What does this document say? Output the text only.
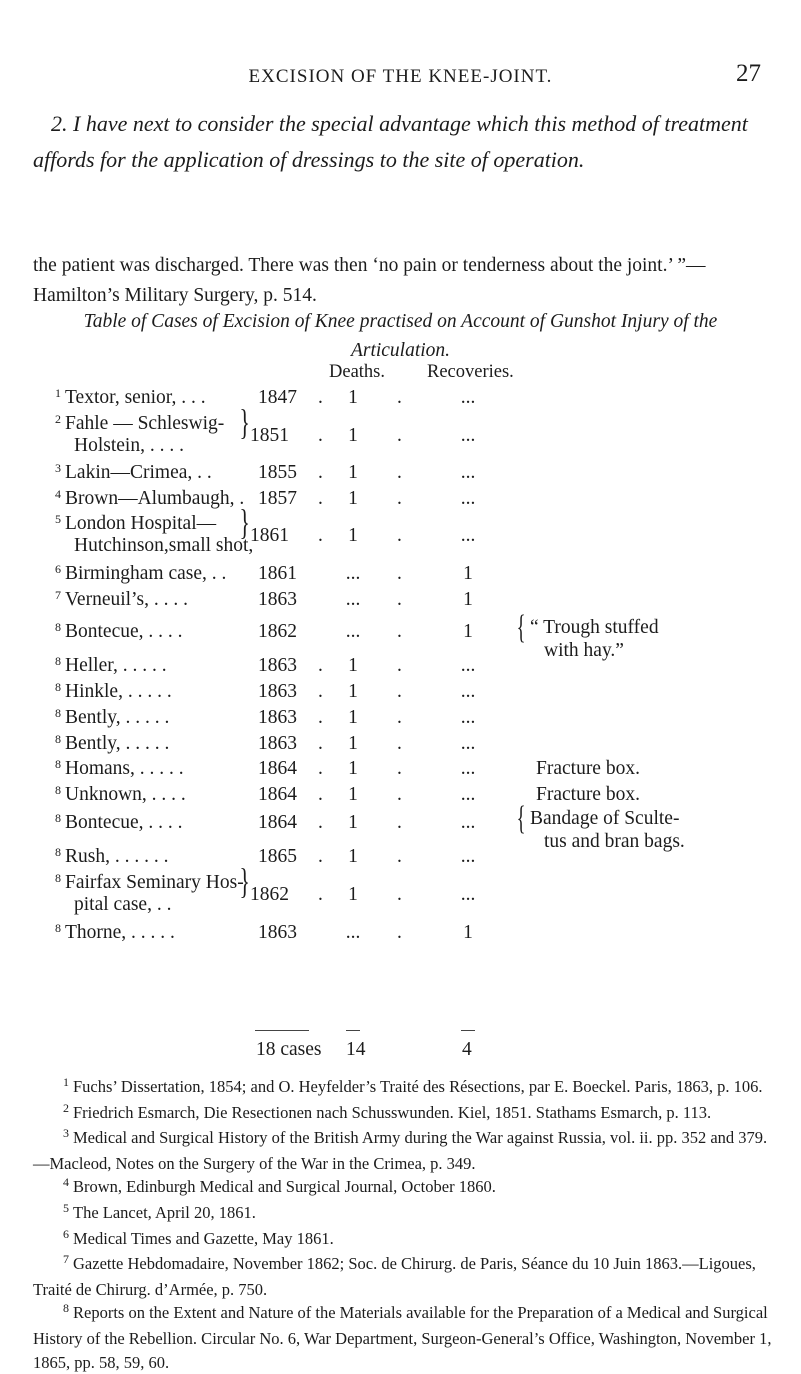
EXCISION OF THE KNEE-JOINT.	27
2. I have next to consider the special advantage which this method of treatment affords for the application of dressings to the site of operation.
the patient was discharged. There was then ‘no pain or tenderness about the joint.’ ”—Hamilton’s Military Surgery, p. 514.
Table of Cases of Excision of Knee practised on Account of Gunshot Injury of the Articulation.
Deaths. Recoveries.
$^1$ Textor, senior, . . .	1847 .	1	.	...
$^2$ Fahle — Schleswig-
Holstein, . . . .
} 1851 .	1	.	...
$^3$ Lakin—Crimea, . . 1855 .	1	.	...
$^4$ Brown—Alumbaugh, . 1857 .	1	.	...
$^5$ London Hospital—
Hutchinson,small shot,
} 1861 .	1	.	...
$^6$ Birmingham case, . . 1861	...	.	1
$^7$ Verneuil’s, . . . .	1863	...	.	1
$^8$ Bontecue, . . . .	1862	...	.	1	{ “ Trough stuffed
with hay.”
$^8$ Heller, . . . . .	1863 .	1	.	...
$^8$ Hinkle, . . . . .	1863 .	1	.	...
$^8$ Bently, . . . . .	1863 .	1	.	...
$^8$ Bently, . . . . .	1863 .	1	.	...
$^8$ Homans, . . . . .	1864 .	1	.	...	Fracture box.
$^8$ Unknown, . . . .	1864 .	1	.	...	Fracture box.
$^8$ Bontecue, . . . .	1864 .	1	.	...	{ Bandage of Sculte-
tus and bran bags.
$^8$ Rush, . . . . . .	1865 .	1	.	...
$^8$ Fairfax Seminary Hos-
pital case, . .
} 1862 .	1	.	...
$^8$ Thorne, . . . . .	1863	...	.	1
18 cases 14	4

$^1$ Fuchs’ Dissertation, 1854; and O. Heyfelder’s Traité des Résections, par E. Boeckel. Paris, 1863, p. 106.

$^2$ Friedrich Esmarch, Die Resectionen nach Schusswunden. Kiel, 1851. Stathams Esmarch, p. 113.

$^3$ Medical and Surgical History of the British Army during the War against Russia, vol. ii. pp. 352 and 379.—Macleod, Notes on the Surgery of the War in the Crimea, p. 349.

$^4$ Brown, Edinburgh Medical and Surgical Journal, October 1860.

$^5$ The Lancet, April 20, 1861.

$^6$ Medical Times and Gazette, May 1861.

$^7$ Gazette Hebdomadaire, November 1862; Soc. de Chirurg. de Paris, Séance du 10 Juin 1863.—Ligoues, Traité de Chirurg. d’Armée, p. 750.

$^8$ Reports on the Extent and Nature of the Materials available for the Preparation of a Medical and Surgical History of the Rebellion. Circular No. 6, War Department, Surgeon-General’s Office, Washington, November 1, 1865, pp. 58, 59, 60.
